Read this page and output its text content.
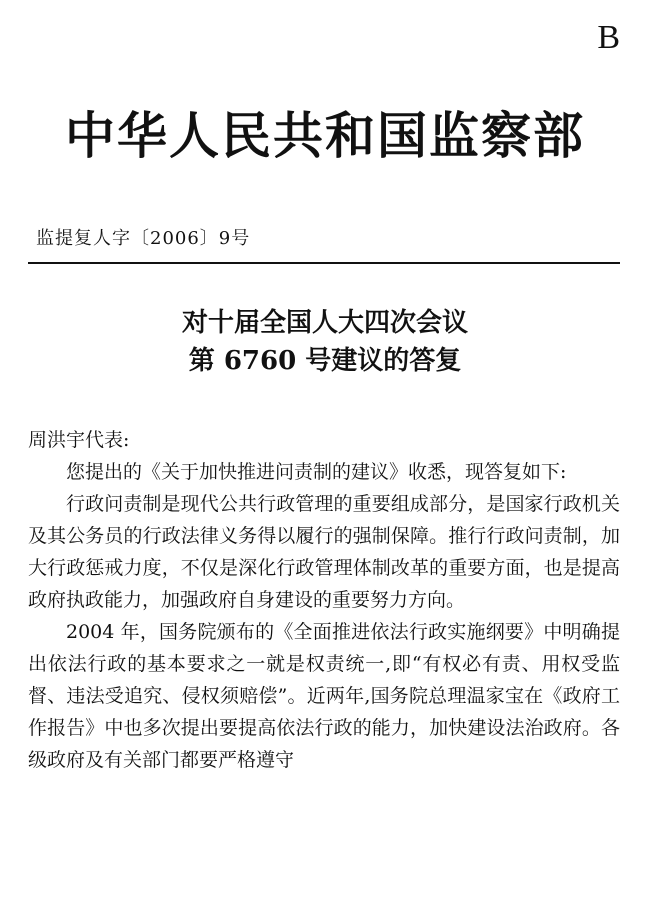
B
中华人民共和国监察部
监提复人字〔2006〕9号
对十届全国人大四次会议
第 6760 号建议的答复

周洪宇代表:

您提出的《关于加快推进问责制的建议》收悉，现答复如下:

行政问责制是现代公共行政管理的重要组成部分，是国家行政机关及其公务员的行政法律义务得以履行的强制保障。推行行政问责制，加大行政惩戒力度，不仅是深化行政管理体制改革的重要方面，也是提高政府执政能力，加强政府自身建设的重要努力方向。

2004 年，国务院颁布的《全面推进依法行政实施纲要》中明确提出依法行政的基本要求之一就是权责统一,即“有权必有责、用权受监督、违法受追究、侵权须赔偿”。近两年,国务院总理温家宝在《政府工作报告》中也多次提出要提高依法行政的能力，加快建设法治政府。各级政府及有关部门都要严格遵守
